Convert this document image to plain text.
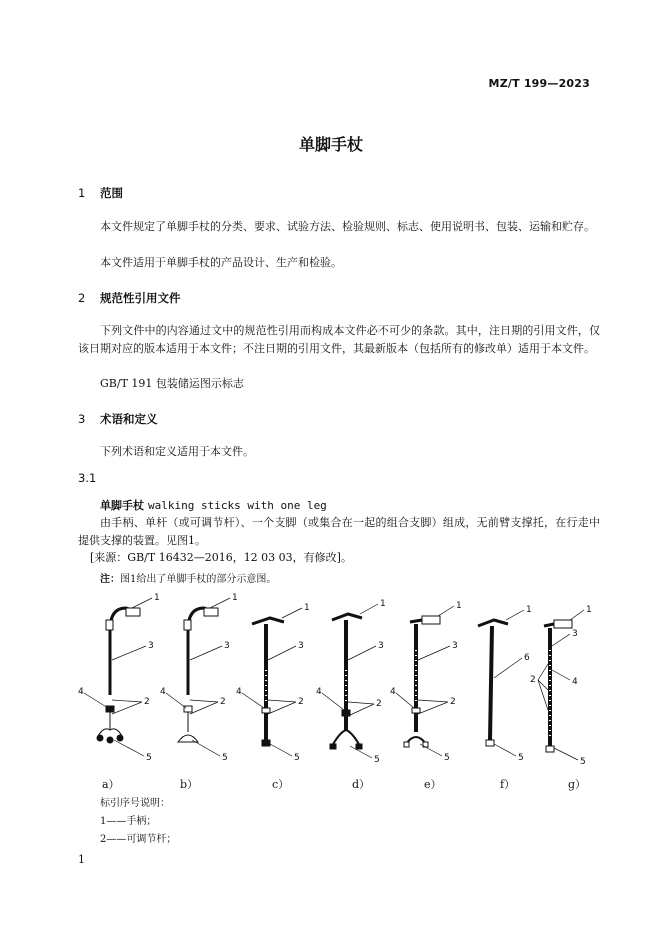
MZ/T 199—2023
单脚手杖
1 范围
本文件规定了单脚手杖的分类、要求、试验方法、检验规则、标志、使用说明书、包装、运输和贮存。
本文件适用于单脚手杖的产品设计、生产和检验。
2 规范性引用文件
下列文件中的内容通过文中的规范性引用而构成本文件必不可少的条款。其中，注日期的引用文件，仅该日期对应的版本适用于本文件；不注日期的引用文件，其最新版本（包括所有的修改单）适用于本文件。
GB/T 191 包装储运图示标志
3 术语和定义
下列术语和定义适用于本文件。
3.1
单脚手杖 walking sticks with one leg
由手柄、单杆（或可调节杆）、一个支脚（或集合在一起的组合支脚）组成，无前臂支撑托，在行走中提供支撑的装置。见图1。
[来源：GB/T 16432—2016，12 03 03，有修改]。
注：图1给出了单脚手杖的部分示意图。
1
3
2
4
5
1
3
2
4
5
1
3
2
4
5
1
3
2
4
5
1
3
2
4
5
1
6
5
1
3
2	4
5
a）	b）	c）	d）	e）	f）	g）
标引序号说明：
1——手柄；
2——可调节杆；
1
